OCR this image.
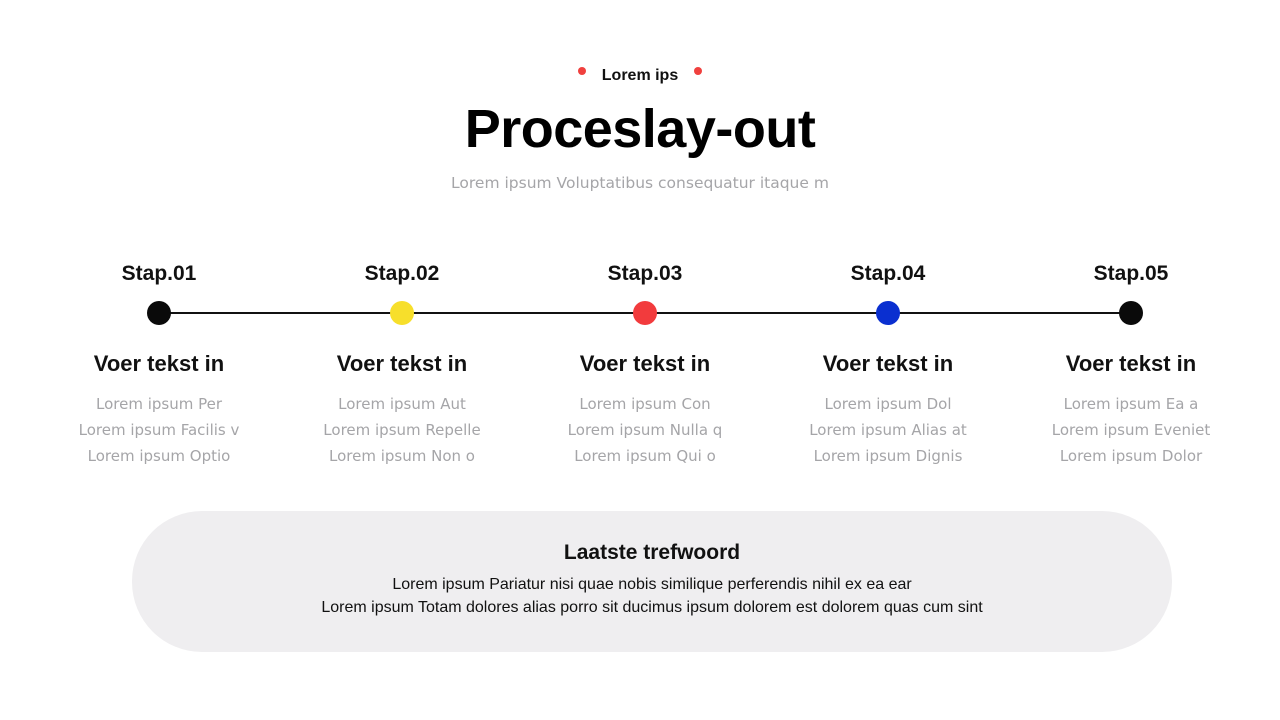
Lorem ips
Proceslay-out
Lorem ipsum Voluptatibus consequatur itaque m
Stap.01
Voer tekst in
Lorem ipsum Per
Lorem ipsum Facilis v
Lorem ipsum Optio
Stap.02
Voer tekst in
Lorem ipsum Aut
Lorem ipsum Repelle
Lorem ipsum Non o
Stap.03
Voer tekst in
Lorem ipsum Con
Lorem ipsum Nulla q
Lorem ipsum Qui o
Stap.04
Voer tekst in
Lorem ipsum Dol
Lorem ipsum Alias at
Lorem ipsum Dignis
Stap.05
Voer tekst in
Lorem ipsum Ea a
Lorem ipsum Eveniet
Lorem ipsum Dolor
Laatste trefwoord
Lorem ipsum Pariatur nisi quae nobis similique perferendis nihil ex ea ear
Lorem ipsum Totam dolores alias porro sit ducimus ipsum dolorem est dolorem quas cum sint
